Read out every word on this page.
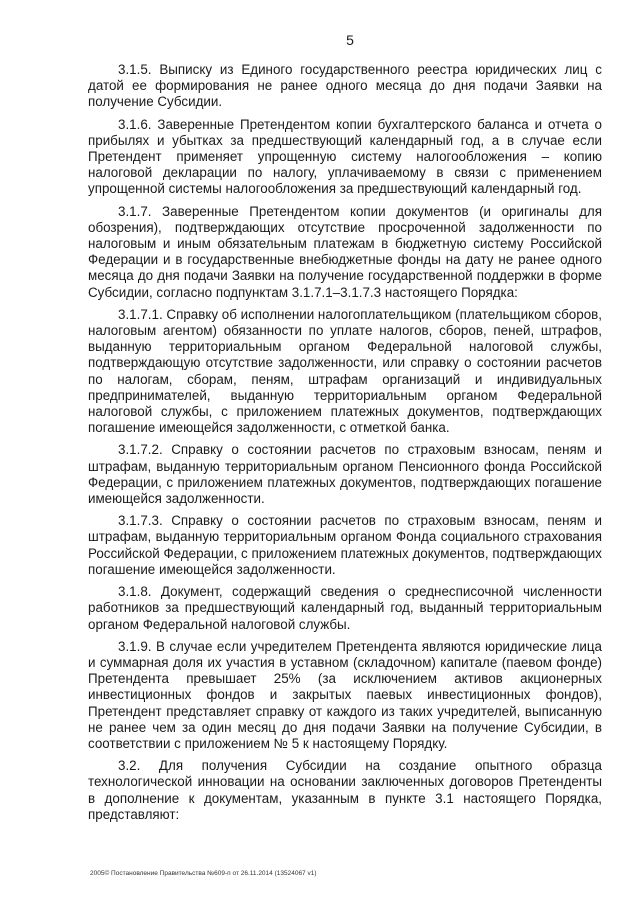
5

3.1.5. Выписку из Единого государственного реестра юридических лиц с датой ее формирования не ранее одного месяца до дня подачи Заявки на получение Субсидии.

3.1.6. Заверенные Претендентом копии бухгалтерского баланса и отчета о прибылях и убытках за предшествующий календарный год, а в случае если Претендент применяет упрощенную систему налогообложения – копию налоговой декларации по налогу, уплачиваемому в связи с применением упрощенной системы налогообложения за предшествующий календарный год.

3.1.7. Заверенные Претендентом копии документов (и оригиналы для обозрения), подтверждающих отсутствие просроченной задолженности по налоговым и иным обязательным платежам в бюджетную систему Российской Федерации и в государственные внебюджетные фонды на дату не ранее одного месяца до дня подачи Заявки на получение государственной поддержки в форме Субсидии, согласно подпунктам 3.1.7.1–3.1.7.3 настоящего Порядка:

3.1.7.1. Справку об исполнении налогоплательщиком (плательщиком сборов, налоговым агентом) обязанности по уплате налогов, сборов, пеней, штрафов, выданную территориальным органом Федеральной налоговой службы, подтверждающую отсутствие задолженности, или справку о состоянии расчетов по налогам, сборам, пеням, штрафам организаций и индивидуальных предпринимателей, выданную территориальным органом Федеральной налоговой службы, с приложением платежных документов, подтверждающих погашение имеющейся задолженности, с отметкой банка.

3.1.7.2. Справку о состоянии расчетов по страховым взносам, пеням и штрафам, выданную территориальным органом Пенсионного фонда Российской Федерации, с приложением платежных документов, подтверждающих погашение имеющейся задолженности.

3.1.7.3. Справку о состоянии расчетов по страховым взносам, пеням и штрафам, выданную территориальным органом Фонда социального страхования Российской Федерации, с приложением платежных документов, подтверждающих погашение имеющейся задолженности.

3.1.8. Документ, содержащий сведения о среднесписочной численности работников за предшествующий календарный год, выданный территориальным органом Федеральной налоговой службы.

3.1.9. В случае если учредителем Претендента являются юридические лица и суммарная доля их участия в уставном (складочном) капитале (паевом фонде) Претендента превышает 25% (за исключением активов акционерных инвестиционных фондов и закрытых паевых инвестиционных фондов), Претендент представляет справку от каждого из таких учредителей, выписанную не ранее чем за один месяц до дня подачи Заявки на получение Субсидии, в соответствии с приложением № 5 к настоящему Порядку.

3.2. Для получения Субсидии на создание опытного образца технологической инновации на основании заключенных договоров Претенденты в дополнение к документам, указанным в пункте 3.1 настоящего Порядка, представляют:

2005© Постановление Правительства №609-п от 26.11.2014 (13524067 v1)
